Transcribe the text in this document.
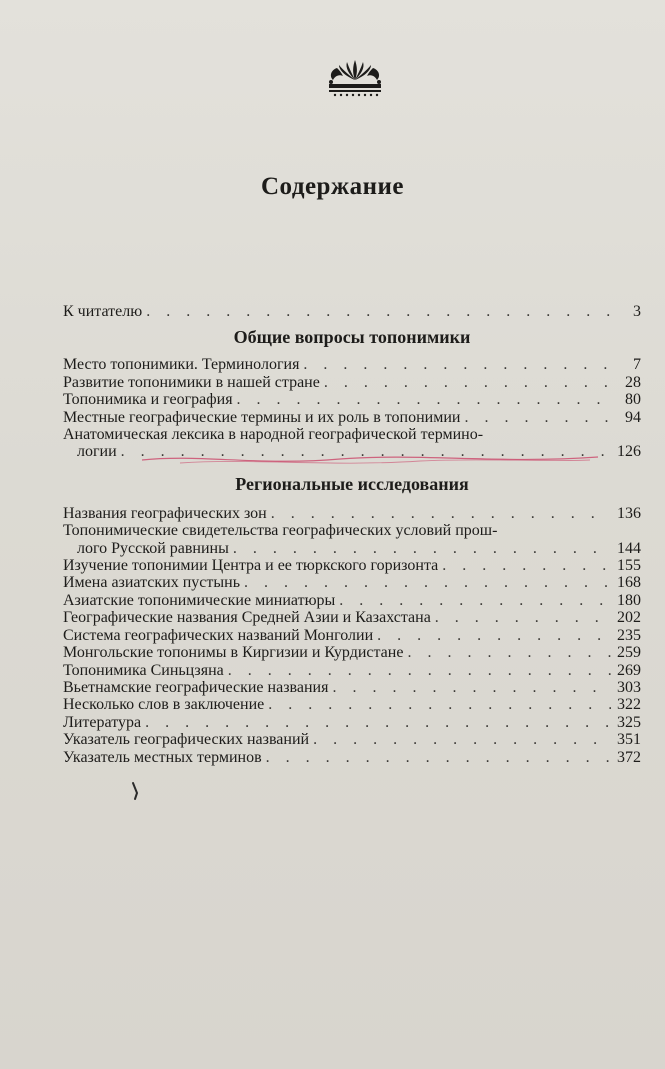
Содержание
К читателю . . .	3
Общие вопросы топонимики
Место топонимики. Терминология . . .	7
Развитие топонимики в нашей стране . . .	28
Топонимика и география . . .	80
Местные географические термины и их роль в топонимии . . .	94
Анатомическая лексика в народной географической термино-
логии . . .	126
Региональные исследования
Названия географических зон . . .	136
Топонимические свидетельства географических условий прош-
лого Русской равнины . . .	144
Изучение топонимии Центра и ее тюркского горизонта . . .	155
Имена азиатских пустынь . . .	168
Азиатские топонимические миниатюры . . .	180
Географические названия Средней Азии и Казахстана . . .	202
Система географических названий Монголии . . .	235
Монгольские топонимы в Киргизии и Курдистане . . .	259
Топонимика Синьцзяна . . .	269
Вьетнамские географические названия . . .	303
Несколько слов в заключение . . .	322
Литература . . .	325
Указатель географических названий . . .	351
Указатель местных терминов . . .	372
